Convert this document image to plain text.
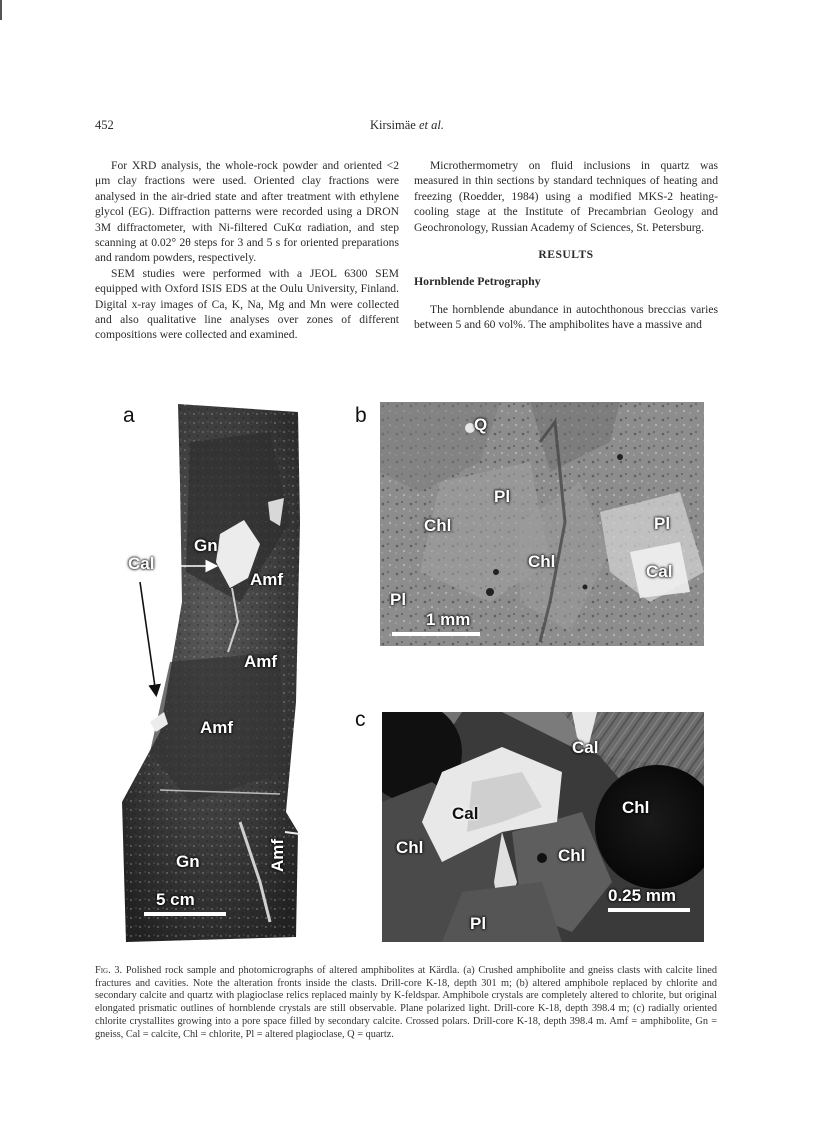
452	Kirsimäe et al.

For XRD analysis, the whole-rock powder and oriented <2 μm clay fractions were used. Oriented clay fractions were analysed in the air-dried state and after treatment with ethylene glycol (EG). Diffraction patterns were recorded using a DRON 3M diffractometer, with Ni-filtered CuKα radiation, and step scanning at 0.02° 2θ steps for 3 and 5 s for oriented preparations and random powders, respectively.

SEM studies were performed with a JEOL 6300 SEM equipped with Oxford ISIS EDS at the Oulu University, Finland. Digital x-ray images of Ca, K, Na, Mg and Mn were collected and also qualitative line analyses over zones of different compositions were collected and examined.

Microthermometry on fluid inclusions in quartz was measured in thin sections by standard techniques of heating and freezing (Roedder, 1984) using a modified MKS-2 heating-cooling stage at the Institute of Precambrian Geology and Geochronology, Russian Academy of Sciences, St. Petersburg.

RESULTS
Hornblende Petrography

The hornblende abundance in autochthonous breccias varies between 5 and 60 vol%. The amphibolites have a massive and

a
Cal
Gn
Amf
Amf
Amf
Gn	Amf
5 cm
b	Q
Pl
Chl
Chl
Pl
Cal
Pl
1 mm
c
Cal
Cal	Chl
Chl	Chl
Pl
0.25 mm
Fig. 3. Polished rock sample and photomicrographs of altered amphibolites at Kärdla. (a) Crushed amphibolite and gneiss clasts with calcite lined fractures and cavities. Note the alteration fronts inside the clasts. Drill-core K-18, depth 301 m; (b) altered amphibole replaced by chlorite and secondary calcite and quartz with plagioclase relics replaced mainly by K-feldspar. Amphibole crystals are completely altered to chlorite, but original elongated prismatic outlines of hornblende crystals are still observable. Plane polarized light. Drill-core K-18, depth 398.4 m; (c) radially oriented chlorite crystallites growing into a pore space filled by secondary calcite. Crossed polars. Drill-core K-18, depth 398.4 m. Amf = amphibolite, Gn = gneiss, Cal = calcite, Chl = chlorite, Pl = altered plagioclase, Q = quartz.
